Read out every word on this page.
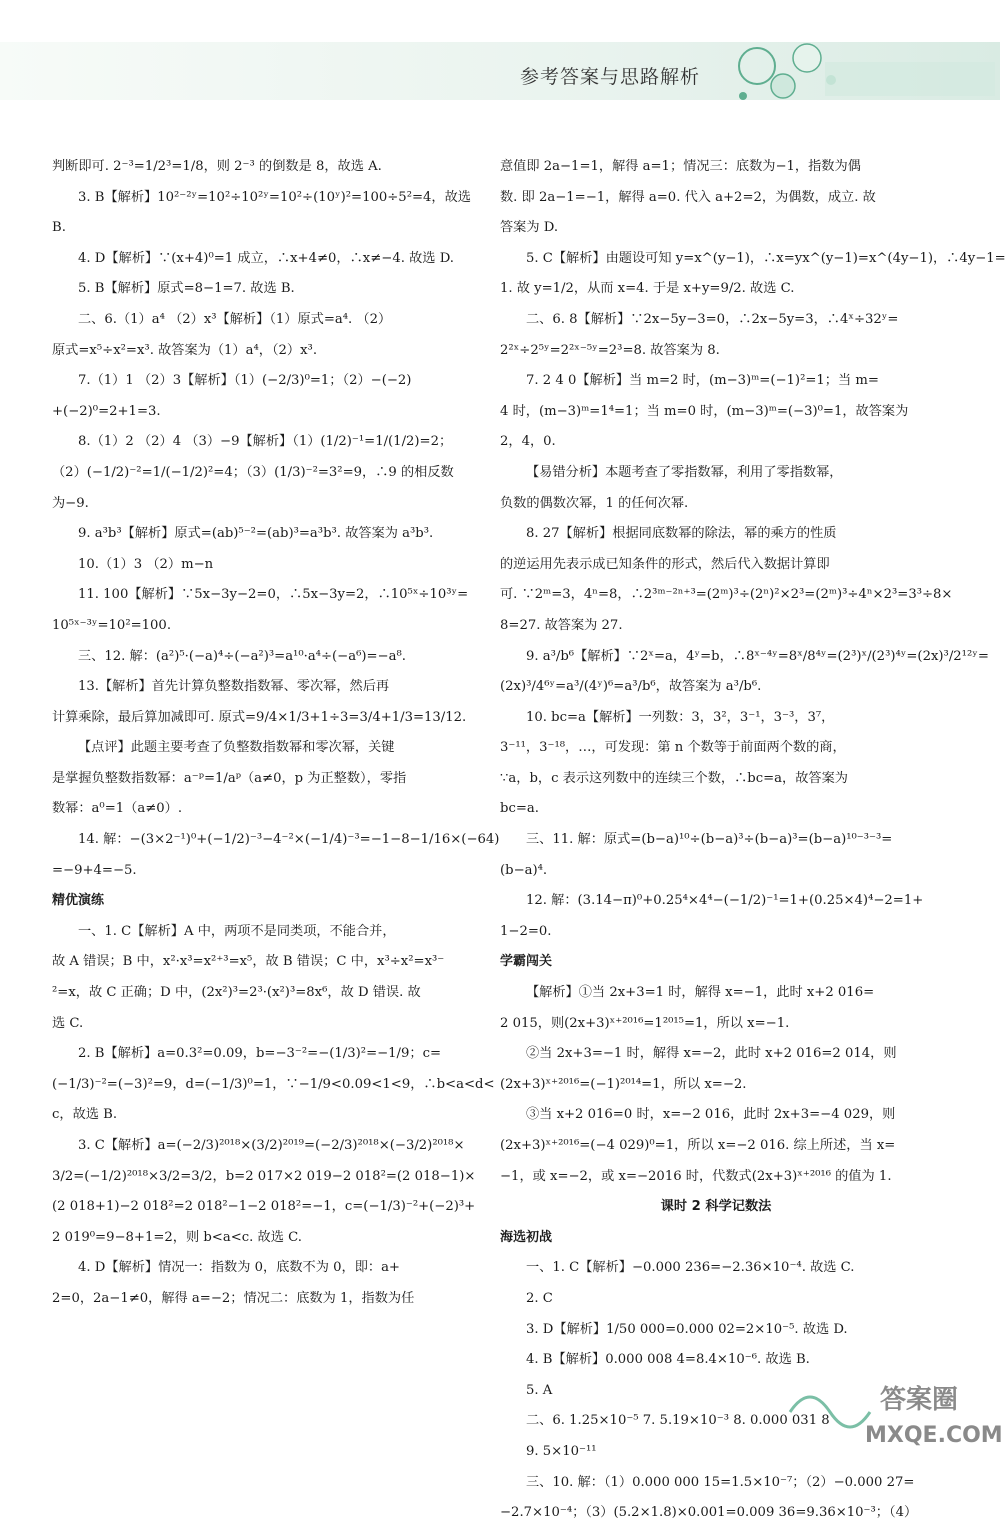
参考答案与思路解析
判断即可. 2⁻³=1/2³=1/8，则 2⁻³ 的倒数是 8，故选 A.
3. B【解析】10²⁻²ʸ=10²÷10²ʸ=10²÷(10ʸ)²=100÷5²=4，故选
B.
4. D【解析】∵(x+4)⁰=1 成立，∴x+4≠0，∴x≠−4. 故选 D.
5. B【解析】原式=8−1=7. 故选 B.
二、6.（1）a⁴ （2）x³【解析】（1）原式=a⁴. （2）
原式=x⁵÷x²=x³. 故答案为（1）a⁴，（2）x³.
7.（1）1 （2）3【解析】（1）(−2/3)⁰=1；（2）−(−2)
+(−2)⁰=2+1=3.
8.（1）2 （2）4 （3）−9【解析】（1）(1/2)⁻¹=1/(1/2)=2；
（2）(−1/2)⁻²=1/(−1/2)²=4；（3）(1/3)⁻²=3²=9，∴9 的相反数
为−9.
9. a³b³【解析】原式=(ab)⁵⁻²=(ab)³=a³b³. 故答案为 a³b³.
10.（1）3 （2）m−n
11. 100【解析】∵5x−3y−2=0，∴5x−3y=2，∴10⁵ˣ÷10³ʸ=
10⁵ˣ⁻³ʸ=10²=100.
三、12. 解：(a²)⁵·(−a)⁴÷(−a²)³=a¹⁰·a⁴÷(−a⁶)=−a⁸.
13.【解析】首先计算负整数指数幂、零次幂，然后再
计算乘除，最后算加减即可. 原式=9/4×1/3+1÷3=3/4+1/3=13/12.
【点评】此题主要考查了负整数指数幂和零次幂，关键
是掌握负整数指数幂：a⁻ᵖ=1/aᵖ（a≠0，p 为正整数），零指
数幂：a⁰=1（a≠0）.
14. 解：−(3×2⁻¹)⁰+(−1/2)⁻³−4⁻²×(−1/4)⁻³=−1−8−1/16×(−64)
=−9+4=−5.
精优演练
一、1. C【解析】A 中，两项不是同类项，不能合并，
故 A 错误；B 中，x²·x³=x²⁺³=x⁵，故 B 错误；C 中，x³÷x²=x³⁻
²=x，故 C 正确；D 中，(2x²)³=2³·(x²)³=8x⁶，故 D 错误. 故
选 C.
2. B【解析】a=0.3²=0.09，b=−3⁻²=−(1/3)²=−1/9；c=
(−1/3)⁻²=(−3)²=9，d=(−1/3)⁰=1，∵−1/9<0.09<1<9，∴b<a<d<
c，故选 B.
3. C【解析】a=(−2/3)²⁰¹⁸×(3/2)²⁰¹⁹=(−2/3)²⁰¹⁸×(−3/2)²⁰¹⁸×
3/2=(−1/2)²⁰¹⁸×3/2=3/2，b=2 017×2 019−2 018²=(2 018−1)×
(2 018+1)−2 018²=2 018²−1−2 018²=−1，c=(−1/3)⁻²+(−2)³+
2 019⁰=9−8+1=2，则 b<a<c. 故选 C.
4. D【解析】情况一：指数为 0，底数不为 0，即：a+
2=0，2a−1≠0，解得 a=−2；情况二：底数为 1，指数为任
意值即 2a−1=1，解得 a=1；情况三：底数为−1，指数为偶
数. 即 2a−1=−1，解得 a=0. 代入 a+2=2，为偶数，成立. 故
答案为 D.
5. C【解析】由题设可知 y=x^(y−1)，∴x=yx^(y−1)=x^(4y−1)，∴4y−1=
1. 故 y=1/2，从而 x=4. 于是 x+y=9/2. 故选 C.
二、6. 8【解析】∵2x−5y−3=0，∴2x−5y=3，∴4ˣ÷32ʸ=
2²ˣ÷2⁵ʸ=2²ˣ⁻⁵ʸ=2³=8. 故答案为 8.
7. 2 4 0【解析】当 m=2 时，(m−3)ᵐ=(−1)²=1；当 m=
4 时，(m−3)ᵐ=1⁴=1；当 m=0 时，(m−3)ᵐ=(−3)⁰=1，故答案为
2，4，0.
【易错分析】本题考查了零指数幂，利用了零指数幂，
负数的偶数次幂，1 的任何次幂.
8. 27【解析】根据同底数幂的除法，幂的乘方的性质
的逆运用先表示成已知条件的形式，然后代入数据计算即
可. ∵2ᵐ=3，4ⁿ=8，∴2³ᵐ⁻²ⁿ⁺³=(2ᵐ)³÷(2ⁿ)²×2³=(2ᵐ)³÷4ⁿ×2³=3³÷8×
8=27. 故答案为 27.
9. a³/b⁶【解析】∵2ˣ=a，4ʸ=b，∴8ˣ⁻⁴ʸ=8ˣ/8⁴ʸ=(2³)ˣ/(2³)⁴ʸ=(2x)³/2¹²ʸ=
(2x)³/4⁶ʸ=a³/(4ʸ)⁶=a³/b⁶，故答案为 a³/b⁶.
10. bc=a【解析】一列数：3，3²，3⁻¹，3⁻³，3⁷，
3⁻¹¹，3⁻¹⁸，…，可发现：第 n 个数等于前面两个数的商，
∵a，b，c 表示这列数中的连续三个数，∴bc=a，故答案为
bc=a.
三、11. 解：原式=(b−a)¹⁰÷(b−a)³÷(b−a)³=(b−a)¹⁰⁻³⁻³=
(b−a)⁴.
12. 解：(3.14−π)⁰+0.25⁴×4⁴−(−1/2)⁻¹=1+(0.25×4)⁴−2=1+
1−2=0.
学霸闯关
【解析】①当 2x+3=1 时，解得 x=−1，此时 x+2 016=
2 015，则(2x+3)ˣ⁺²⁰¹⁶=1²⁰¹⁵=1，所以 x=−1.
②当 2x+3=−1 时，解得 x=−2，此时 x+2 016=2 014，则
(2x+3)ˣ⁺²⁰¹⁶=(−1)²⁰¹⁴=1，所以 x=−2.
③当 x+2 016=0 时，x=−2 016，此时 2x+3=−4 029，则
(2x+3)ˣ⁺²⁰¹⁶=(−4 029)⁰=1，所以 x=−2 016. 综上所述，当 x=
−1，或 x=−2，或 x=−2016 时，代数式(2x+3)ˣ⁺²⁰¹⁶ 的值为 1.
课时 2 科学记数法
海选初战
一、1. C【解析】−0.000 236=−2.36×10⁻⁴. 故选 C.
2. C
3. D【解析】1/50 000=0.000 02=2×10⁻⁵. 故选 D.
4. B【解析】0.000 008 4=8.4×10⁻⁶. 故选 B.
5. A
二、6. 1.25×10⁻⁵ 7. 5.19×10⁻³ 8. 0.000 031 8
9. 5×10⁻¹¹
三、10. 解：（1）0.000 000 15=1.5×10⁻⁷；（2）−0.000 27=
−2.7×10⁻⁴；（3）(5.2×1.8)×0.001=0.009 36=9.36×10⁻³；（4）
答案圈
MXQE.COM
